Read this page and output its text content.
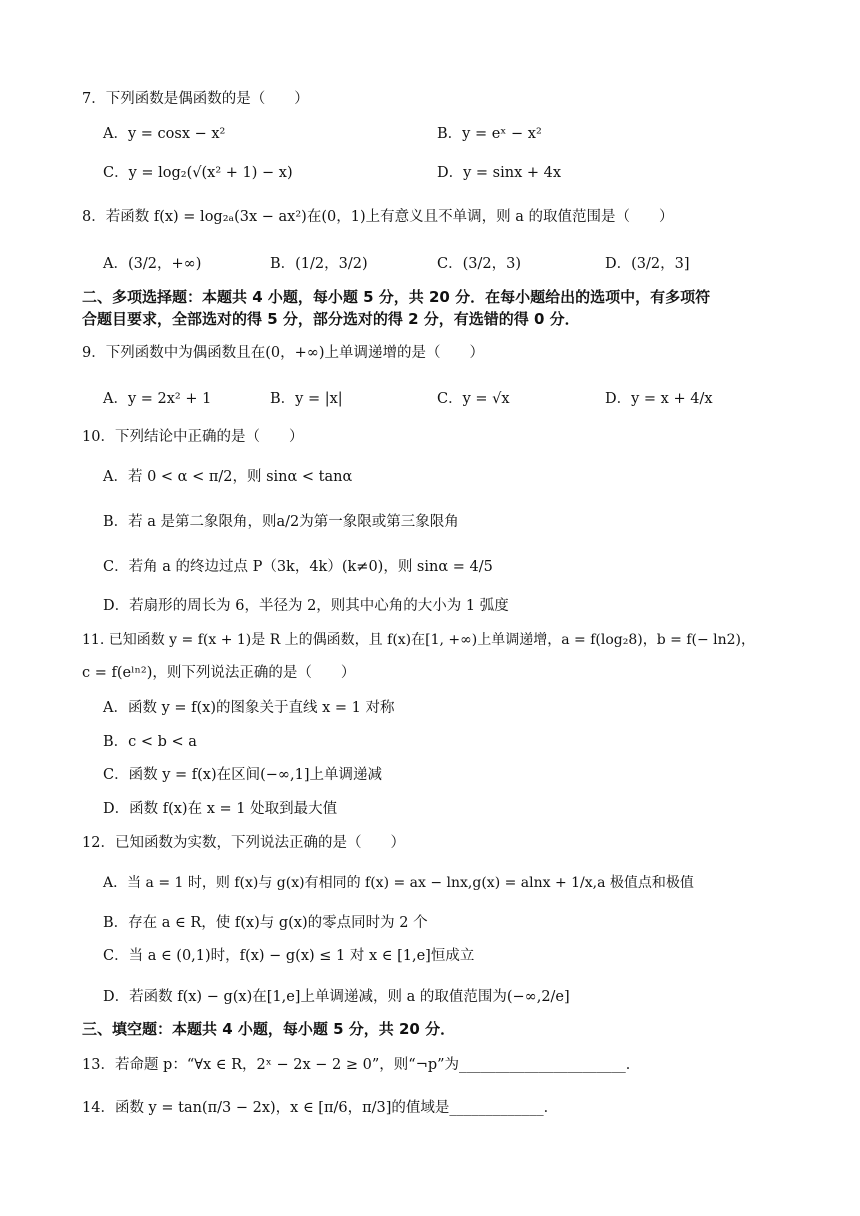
7．下列函数是偶函数的是（　　）
A．y = cosx − x²	B．y = eˣ − x²
C．y = log₂(√(x² + 1) − x)	D．y = sinx + 4x
8．若函数 f(x) = log₂ₐ(3x − ax²)在(0，1)上有意义且不单调，则 a 的取值范围是（　　）
A．(3/2，+∞)	B．(1/2，3/2)	C．(3/2，3)	D．(3/2，3]
二、多项选择题：本题共 4 小题，每小题 5 分，共 20 分．在每小题给出的选项中，有多项符
合题目要求，全部选对的得 5 分，部分选对的得 2 分，有选错的得 0 分．
9．下列函数中为偶函数且在(0，+∞)上单调递增的是（　　）
A．y = 2x² + 1	B．y = |x|	C．y = √x	D．y = x + 4/x
10．下列结论中正确的是（　　）
A．若 0 < α < π/2，则 sinα < tanα
B．若 a 是第二象限角，则a/2为第一象限或第三象限角
C．若角 a 的终边过点 P（3k，4k）(k≠0)，则 sinα = 4/5
D．若扇形的周长为 6，半径为 2，则其中心角的大小为 1 弧度
11. 已知函数 y = f(x + 1)是 R 上的偶函数，且 f(x)在[1, +∞)上单调递增，a = f(log₂8)，b = f(− ln2)，
c = f(eˡⁿ²)，则下列说法正确的是（　　）
A．函数 y = f(x)的图象关于直线 x = 1 对称
B．c < b < a
C．函数 y = f(x)在区间(−∞,1]上单调递减
D．函数 f(x)在 x = 1 处取到最大值
12．已知函数为实数，下列说法正确的是（　　）
A．当 a = 1 时，则 f(x)与 g(x)有相同的 f(x) = ax − lnx,g(x) = alnx + 1/x,a 极值点和极值
B．存在 a ∈ R，使 f(x)与 g(x)的零点同时为 2 个
C．当 a ∈ (0,1)时，f(x) − g(x) ≤ 1 对 x ∈ [1,e]恒成立
D．若函数 f(x) − g(x)在[1,e]上单调递减，则 a 的取值范围为(−∞,2/e]
三、填空题：本题共 4 小题，每小题 5 分，共 20 分．
13．若命题 p：“∀x ∈ R，2ˣ − 2x − 2 ≥ 0”，则“¬p”为_______________________．
14．函数 y = tan(π/3 − 2x)，x ∈ [π/6，π/3]的值域是_____________．
